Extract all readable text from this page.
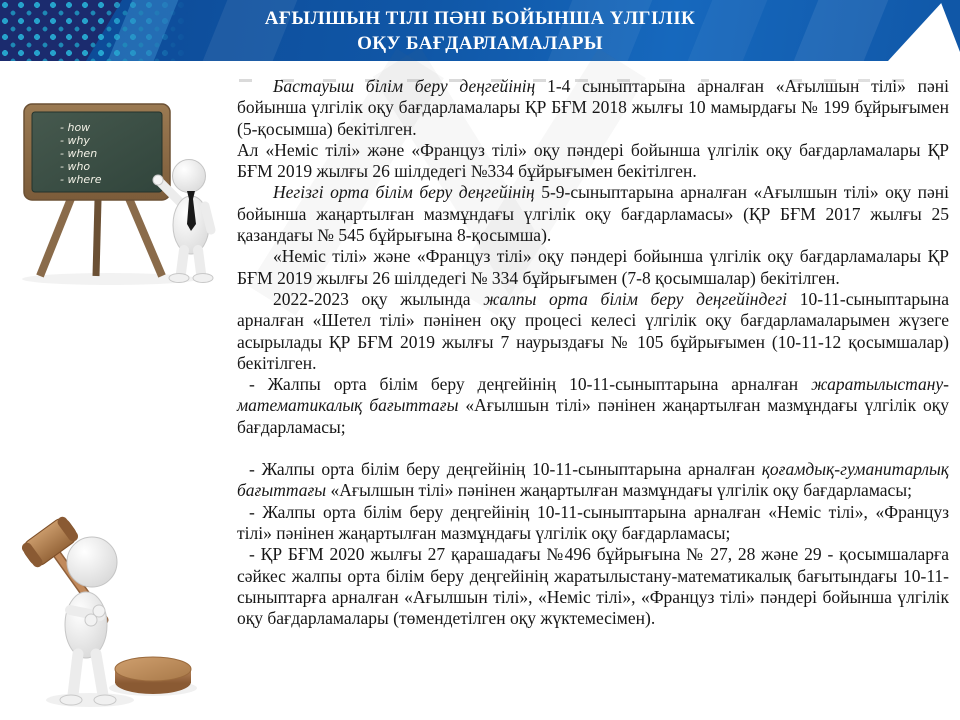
АҒЫЛШЫН ТІЛІ ПӘНІ БОЙЫНША ҮЛГІЛІК
ОҚУ БАҒДАРЛАМАЛАРЫ
- how
- why
- when
- who
- where

Бастауыш білім беру деңгейінің 1-4 сыныптарына арналған «Ағылшын тілі» пәні бойынша үлгілік оқу бағдарламалары ҚР БҒМ 2018 жылғы 10 мамырдағы № 199 бұйрығымен (5-қосымша) бекітілген.

Ал «Неміс тілі» және «Француз тілі» оқу пәндері бойынша үлгілік оқу бағдарламалары ҚР БҒМ 2019 жылғы 26 шілдедегі №334 бұйрығымен бекітілген.

Негізгі орта білім беру деңгейінің 5-9-сыныптарына арналған «Ағылшын тілі» оқу пәні бойынша жаңартылған мазмұндағы үлгілік оқу бағдарламасы» (ҚР БҒМ 2017 жылғы 25 қазандағы № 545 бұйрығына 8-қосымша).

«Неміс тілі» және «Француз тілі» оқу пәндері бойынша үлгілік оқу бағдарламалары ҚР БҒМ 2019 жылғы 26 шілдедегі № 334 бұйрығымен (7-8 қосымшалар) бекітілген.

2022-2023 оқу жылында жалпы орта білім беру деңгейіндегі 10-11-сыныптарына арналған «Шетел тілі» пәнінен оқу процесі келесі үлгілік оқу бағдарламаларымен жүзеге асырылады ҚР БҒМ 2019 жылғы 7 наурыздағы № 105 бұйрығымен (10-11-12 қосымшалар) бекітілген.

- Жалпы орта білім беру деңгейінің 10-11-сыныптарына арналған жаратылыстану-математикалық бағыттағы «Ағылшын тілі» пәнінен жаңартылған мазмұндағы үлгілік оқу бағдарламасы;

- Жалпы орта білім беру деңгейінің 10-11-сыныптарына арналған қоғамдық-гуманитарлық бағыттағы «Ағылшын тілі» пәнінен жаңартылған мазмұндағы үлгілік оқу бағдарламасы;

- Жалпы орта білім беру деңгейінің 10-11-сыныптарына арналған «Неміс тілі», «Француз тілі» пәнінен жаңартылған мазмұндағы үлгілік оқу бағдарламасы;

- ҚР БҒМ 2020 жылғы 27 қарашадағы №496 бұйрығына № 27, 28 және 29 - қосымшаларға сәйкес жалпы орта білім беру деңгейінің жаратылыстану-математикалық бағытындағы 10-11-сыныптарға арналған «Ағылшын тілі», «Неміс тілі», «Француз тілі» пәндері бойынша үлгілік оқу бағдарламалары (төмендетілген оқу жүктемесімен).
